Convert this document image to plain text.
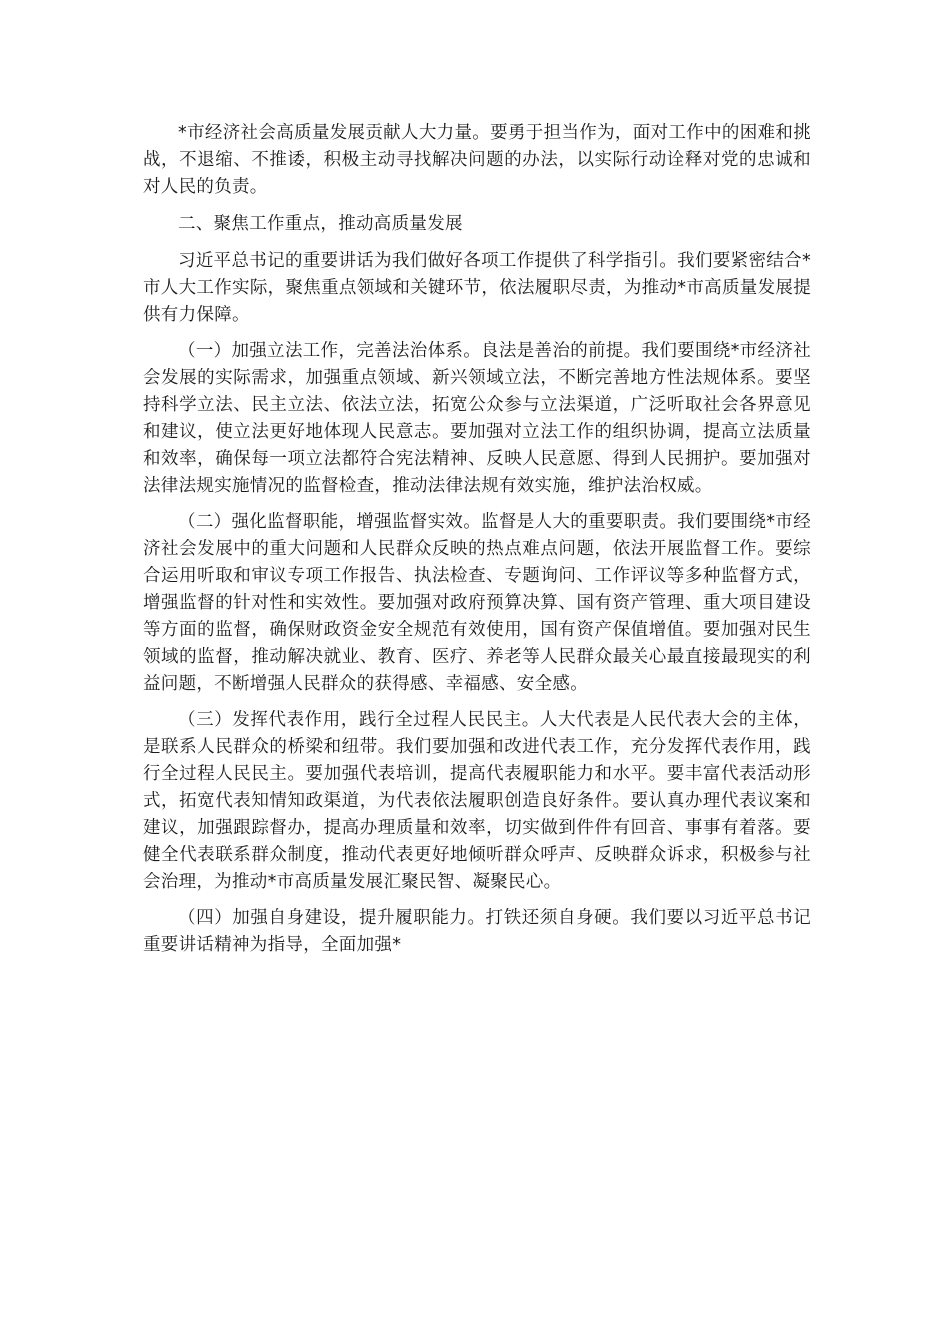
*市经济社会高质量发展贡献人大力量。要勇于担当作为，面对工作中的困难和挑战，不退缩、不推诿，积极主动寻找解决问题的办法，以实际行动诠释对党的忠诚和对人民的负责。

二、聚焦工作重点，推动高质量发展

习近平总书记的重要讲话为我们做好各项工作提供了科学指引。我们要紧密结合*市人大工作实际，聚焦重点领域和关键环节，依法履职尽责，为推动*市高质量发展提供有力保障。

（一）加强立法工作，完善法治体系。良法是善治的前提。我们要围绕*市经济社会发展的实际需求，加强重点领域、新兴领域立法，不断完善地方性法规体系。要坚持科学立法、民主立法、依法立法，拓宽公众参与立法渠道，广泛听取社会各界意见和建议，使立法更好地体现人民意志。要加强对立法工作的组织协调，提高立法质量和效率，确保每一项立法都符合宪法精神、反映人民意愿、得到人民拥护。要加强对法律法规实施情况的监督检查，推动法律法规有效实施，维护法治权威。

（二）强化监督职能，增强监督实效。监督是人大的重要职责。我们要围绕*市经济社会发展中的重大问题和人民群众反映的热点难点问题，依法开展监督工作。要综合运用听取和审议专项工作报告、执法检查、专题询问、工作评议等多种监督方式，增强监督的针对性和实效性。要加强对政府预算决算、国有资产管理、重大项目建设等方面的监督，确保财政资金安全规范有效使用，国有资产保值增值。要加强对民生领域的监督，推动解决就业、教育、医疗、养老等人民群众最关心最直接最现实的利益问题，不断增强人民群众的获得感、幸福感、安全感。

（三）发挥代表作用，践行全过程人民民主。人大代表是人民代表大会的主体，是联系人民群众的桥梁和纽带。我们要加强和改进代表工作，充分发挥代表作用，践行全过程人民民主。要加强代表培训，提高代表履职能力和水平。要丰富代表活动形式，拓宽代表知情知政渠道，为代表依法履职创造良好条件。要认真办理代表议案和建议，加强跟踪督办，提高办理质量和效率，切实做到件件有回音、事事有着落。要健全代表联系群众制度，推动代表更好地倾听群众呼声、反映群众诉求，积极参与社会治理，为推动*市高质量发展汇聚民智、凝聚民心。

（四）加强自身建设，提升履职能力。打铁还须自身硬。我们要以习近平总书记重要讲话精神为指导，全面加强*
